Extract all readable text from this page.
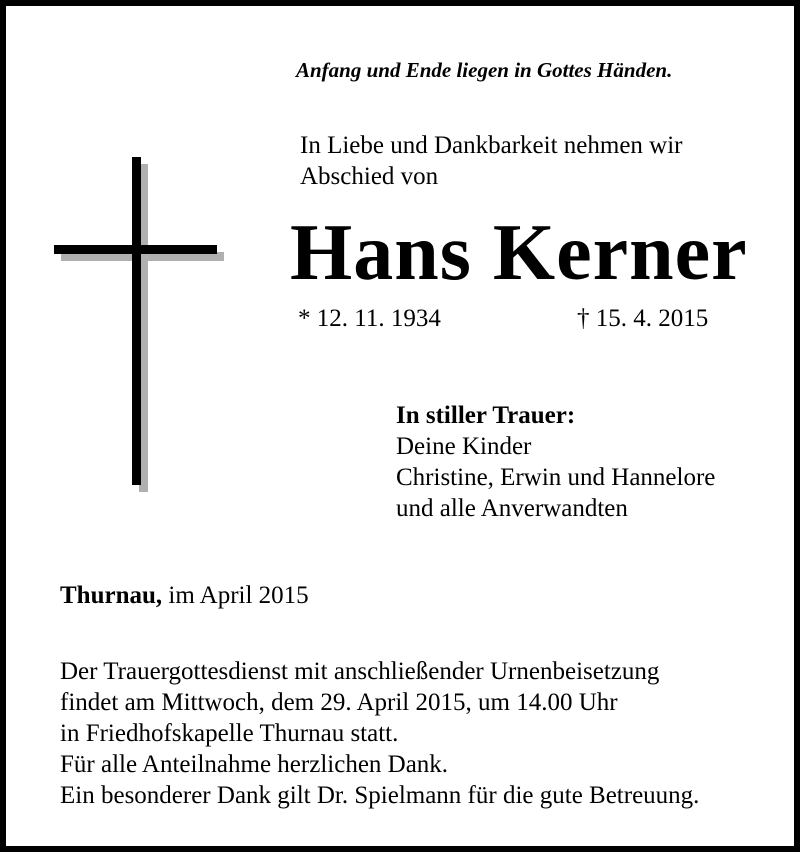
Anfang und Ende liegen in Gottes Händen.
In Liebe und Dankbarkeit nehmen wir
Abschied von
Hans Kerner
* 12. 11. 1934	† 15. 4. 2015
In stiller Trauer:
Deine Kinder
Christine, Erwin und Hannelore
und alle Anverwandten
Thurnau, im April 2015
Der Trauergottesdienst mit anschließender Urnenbeisetzung
findet am Mittwoch, dem 29. April 2015, um 14.00 Uhr
in Friedhofskapelle Thurnau statt.
Für alle Anteilnahme herzlichen Dank.
Ein besonderer Dank gilt Dr. Spielmann für die gute Betreuung.
